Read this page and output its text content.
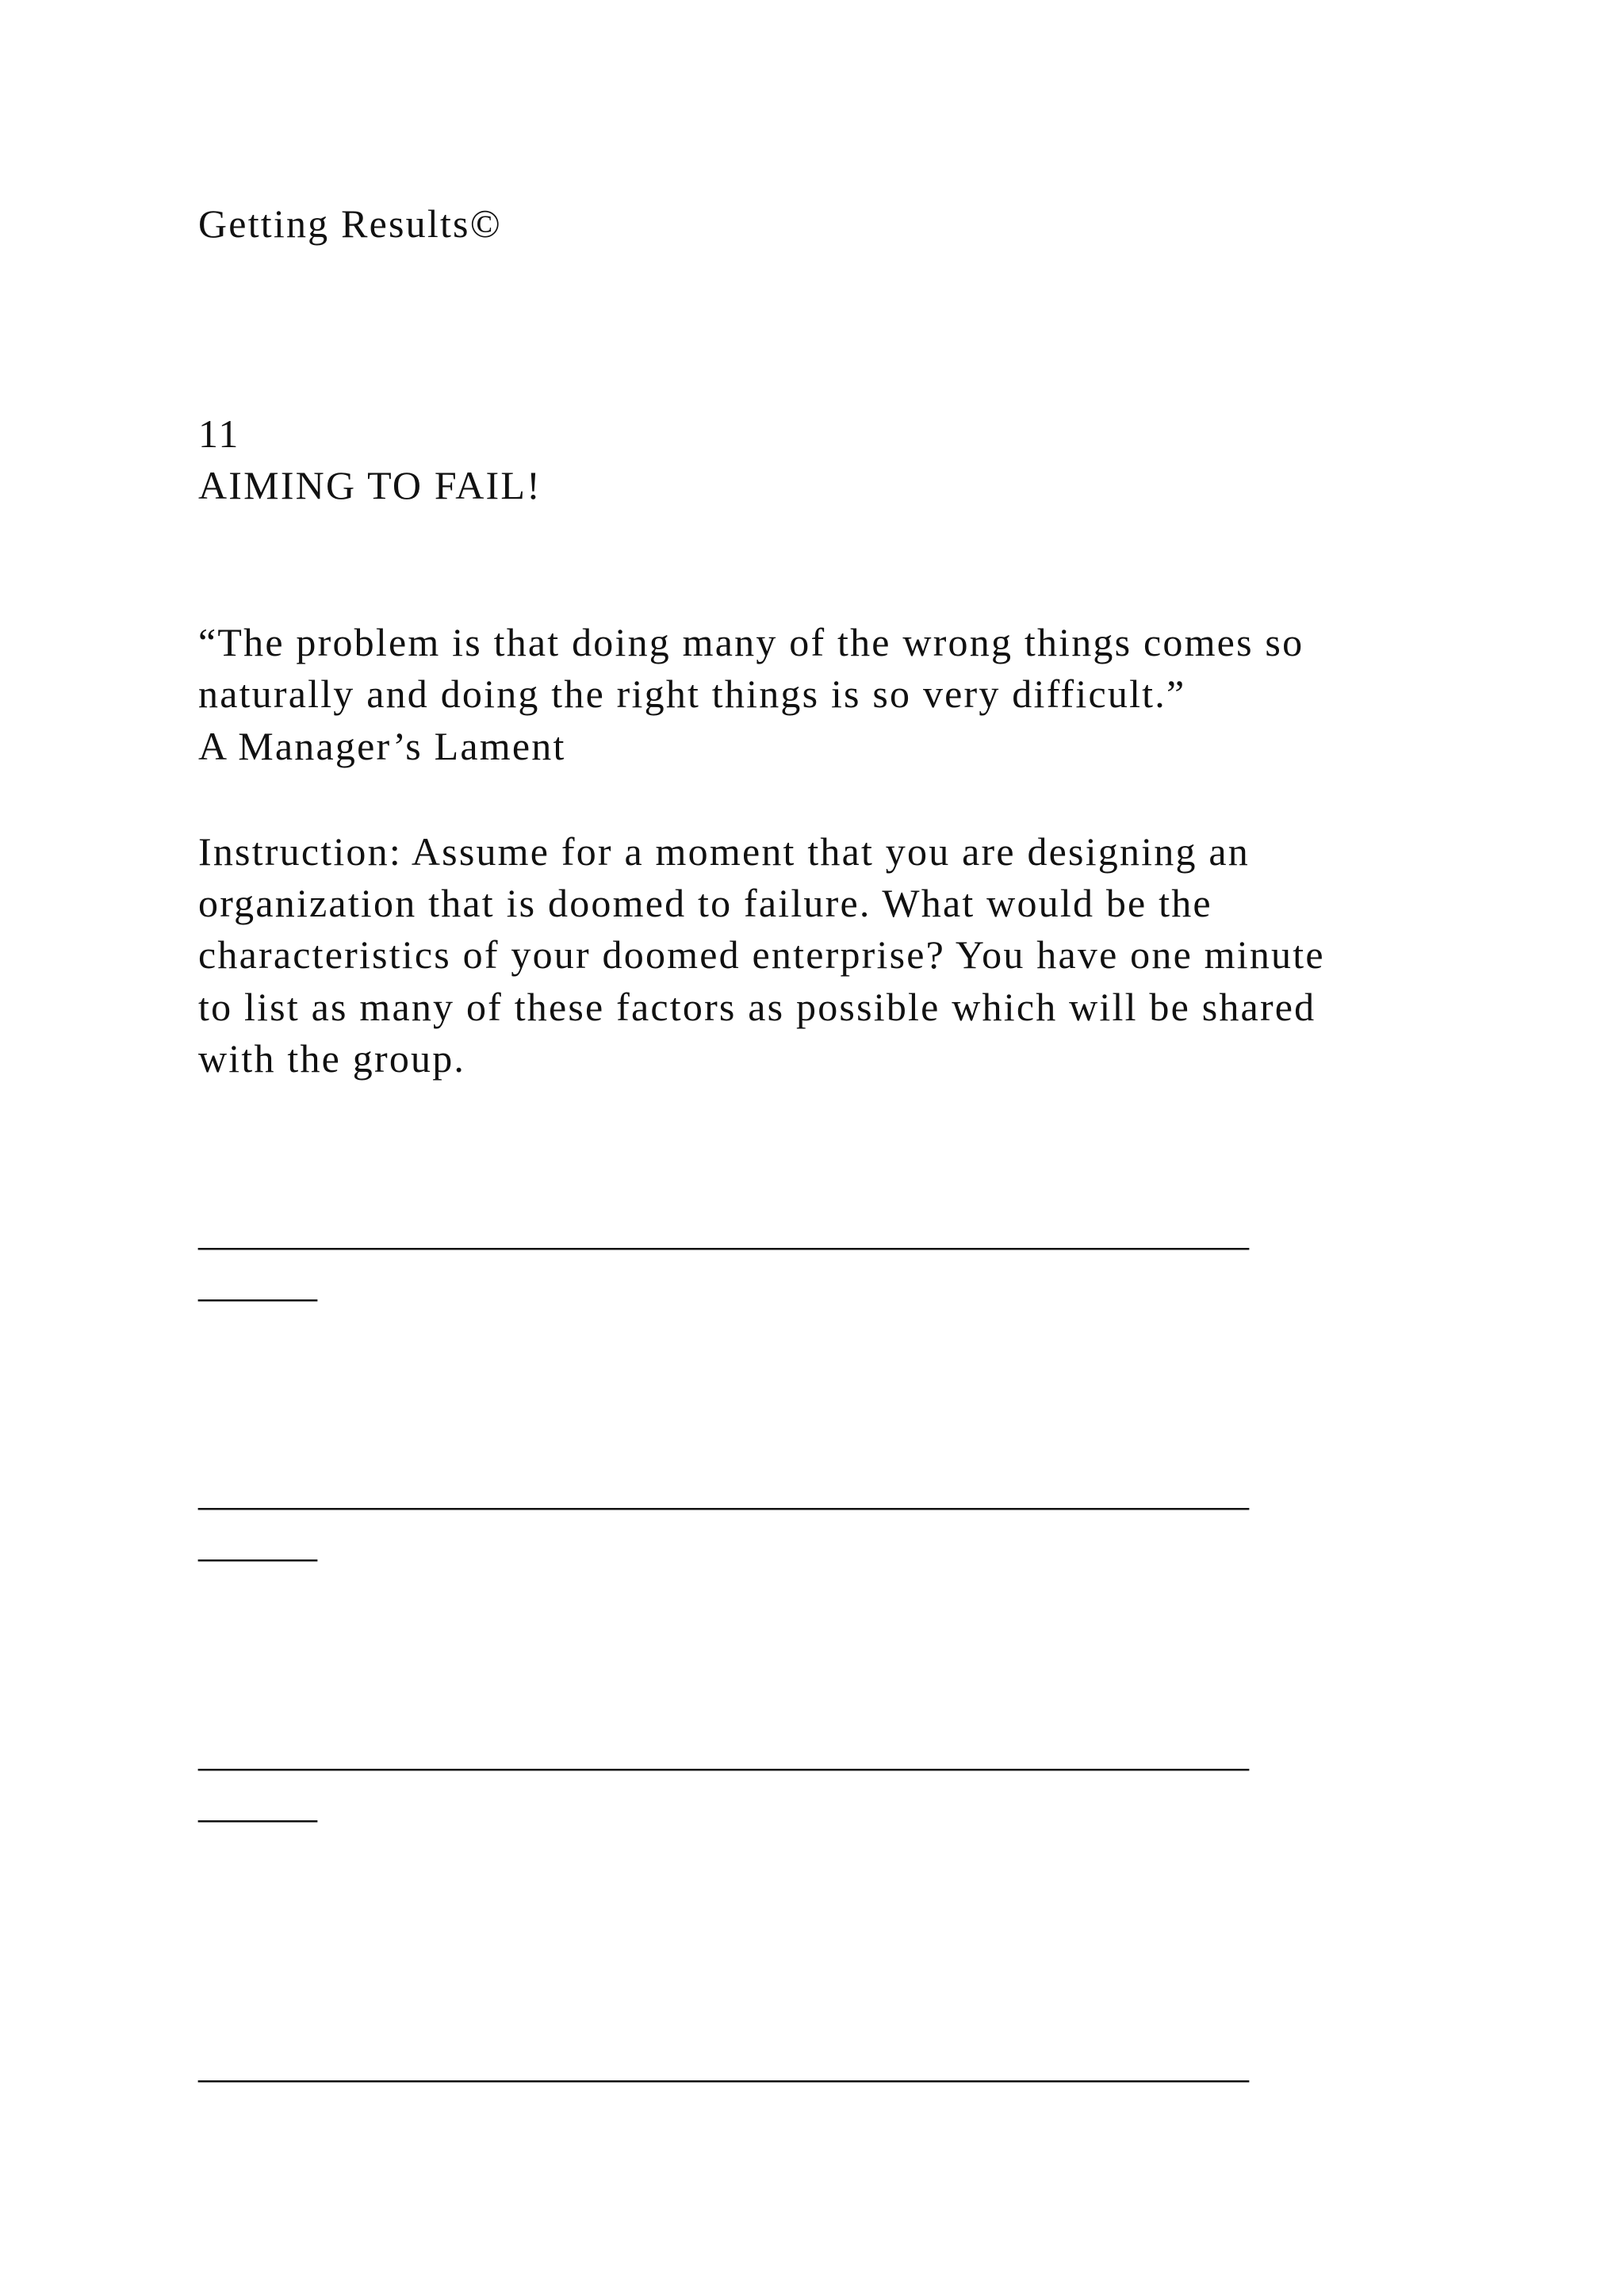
Getting Results©

11

AIMING TO FAIL!

“The problem is that doing many of the wrong things comes so

naturally and doing the right things is so very difficult.”

A Manager’s Lament

Instruction: Assume for a moment that you are designing an

organization that is doomed to failure. What would be the

characteristics of your doomed enterprise? You have one minute

to list as many of these factors as possible which will be shared

with the group.

_____________________________________________________

______

_____________________________________________________

______

_____________________________________________________

______

_____________________________________________________
